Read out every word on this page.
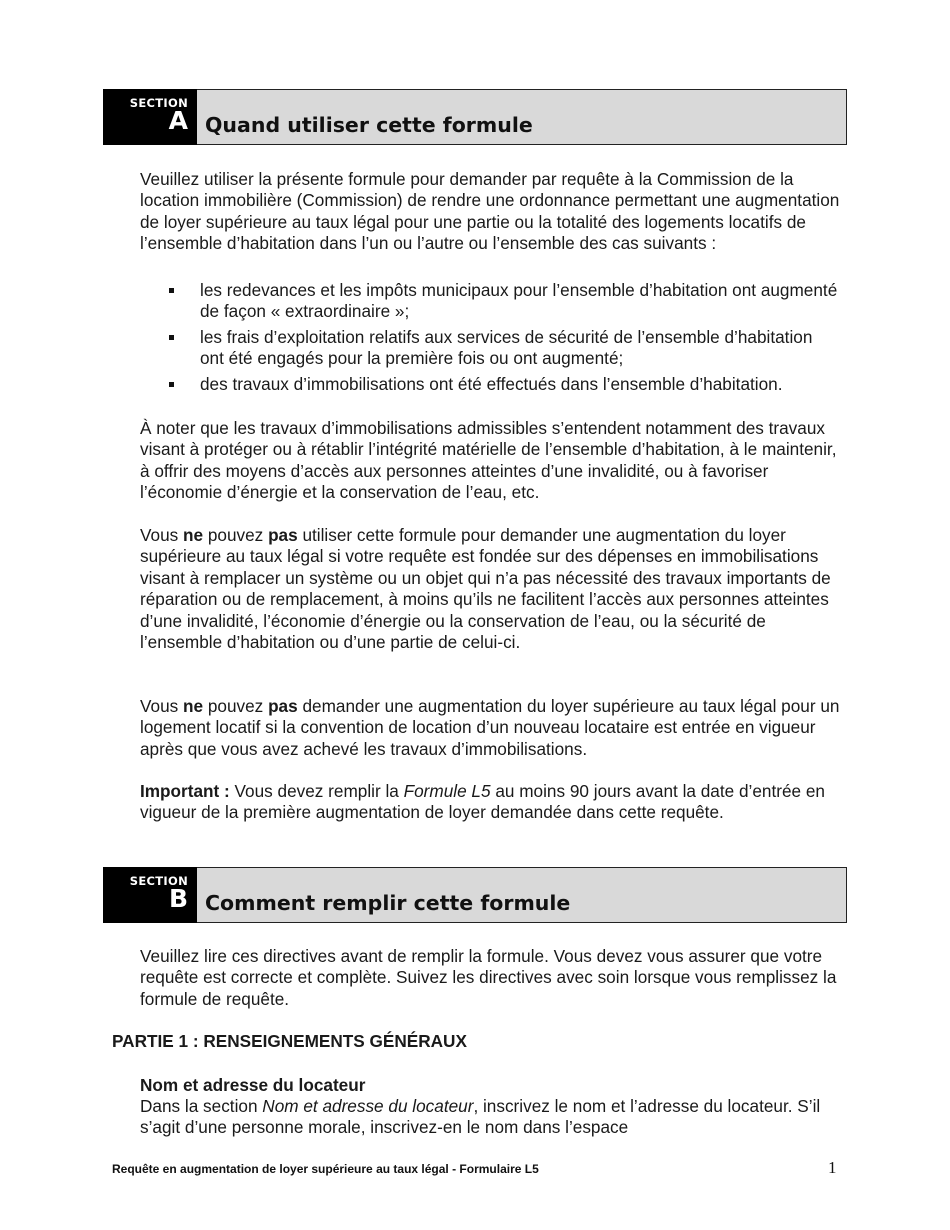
SECTION
A Quand utiliser cette formule

Veuillez utiliser la présente formule pour demander par requête à la Commission de la location immobilière (Commission) de rendre une ordonnance permettant une augmentation de loyer supérieure au taux légal pour une partie ou la totalité des logements locatifs de l’ensemble d’habitation dans l’un ou l’autre ou l’ensemble des cas suivants :

les redevances et les impôts municipaux pour l’ensemble d’habitation ont augmenté de façon « extraordinaire »;
les frais d’exploitation relatifs aux services de sécurité de l’ensemble d’habitation ont été engagés pour la première fois ou ont augmenté;
des travaux d’immobilisations ont été effectués dans l’ensemble d’habitation.

À noter que les travaux d’immobilisations admissibles s’entendent notamment des travaux visant à protéger ou à rétablir l’intégrité matérielle de l’ensemble d’habitation, à le maintenir, à offrir des moyens d’accès aux personnes atteintes d’une invalidité, ou à favoriser l’économie d’énergie et la conservation de l’eau, etc.

Vous ne pouvez pas utiliser cette formule pour demander une augmentation du loyer supérieure au taux légal si votre requête est fondée sur des dépenses en immobilisations visant à remplacer un système ou un objet qui n’a pas nécessité des travaux importants de réparation ou de remplacement, à moins qu’ils ne facilitent l’accès aux personnes atteintes d’une invalidité, l’économie d’énergie ou la conservation de l’eau, ou la sécurité de l’ensemble d’habitation ou d’une partie de celui-ci.

Vous ne pouvez pas demander une augmentation du loyer supérieure au taux légal pour un logement locatif si la convention de location d’un nouveau locataire est entrée en vigueur après que vous avez achevé les travaux d’immobilisations.

Important : Vous devez remplir la Formule L5 au moins 90 jours avant la date d’entrée en vigueur de la première augmentation de loyer demandée dans cette requête.

SECTION
B Comment remplir cette formule

Veuillez lire ces directives avant de remplir la formule. Vous devez vous assurer que votre requête est correcte et complète. Suivez les directives avec soin lorsque vous remplissez la formule de requête.

PARTIE 1 : RENSEIGNEMENTS GÉNÉRAUX

Nom et adresse du locateur

Dans la section Nom et adresse du locateur, inscrivez le nom et l’adresse du locateur. S’il s’agit d’une personne morale, inscrivez-en le nom dans l’espace

Requête en augmentation de loyer supérieure au taux légal - Formulaire L5	1
